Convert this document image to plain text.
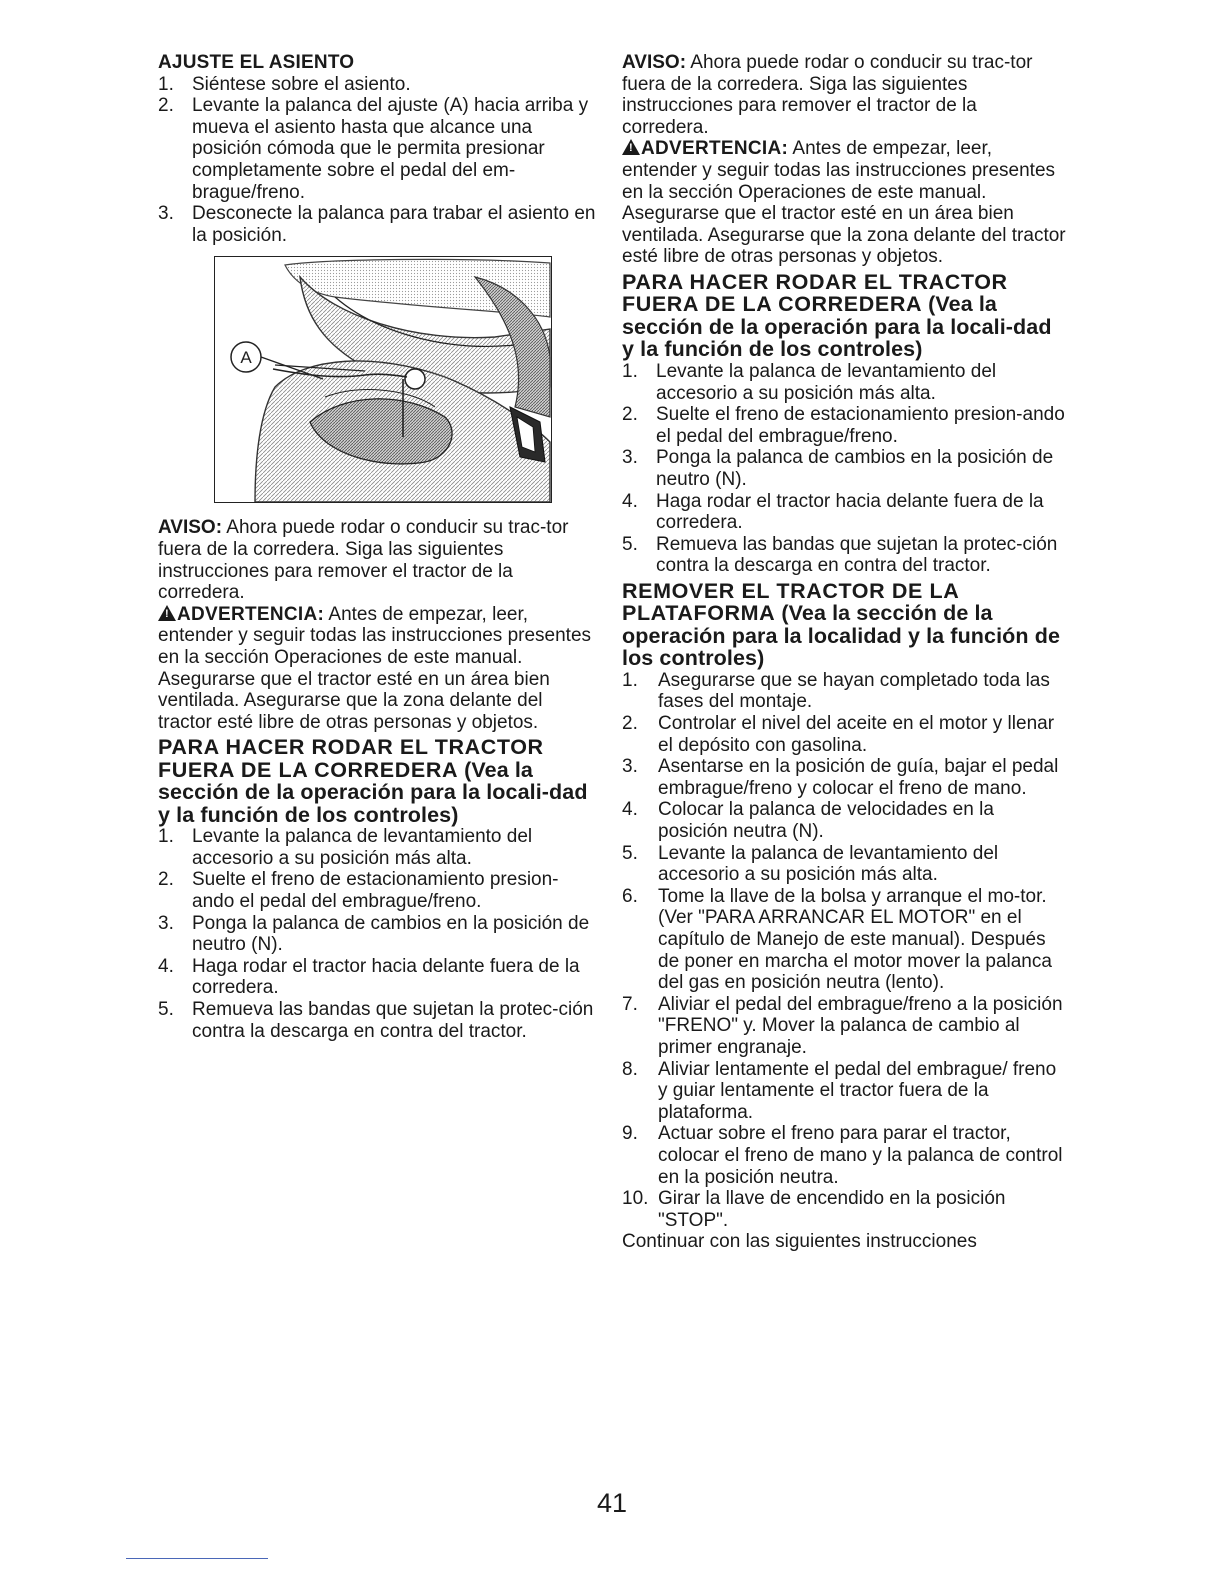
AJUSTE EL ASIENTO
1. Siéntese sobre el asiento.
2. Levante la palanca del ajuste (A) hacia arriba y mueva el asiento hasta que alcance una posición cómoda que le permita presionar completamente sobre el pedal del em-brague/freno.
3. Desconecte la palanca para trabar el asiento en la posición.
A

AVISO: Ahora puede rodar o conducir su trac-tor fuera de la corredera. Siga las siguientes instrucciones para remover el tractor de la corredera.

!ADVERTENCIA: Antes de empezar, leer, entender y seguir todas las instrucciones presentes en la sección Operaciones de este manual. Asegurarse que el tractor esté en un área bien ventilada. Asegurarse que la zona delante del tractor esté libre de otras personas y objetos.

PARA HACER RODAR EL TRACTOR FUERA DE LA CORREDERA (Vea la sección de la operación para la locali-dad y la función de los controles)
1. Levante la palanca de levantamiento del accesorio a su posición más alta.
2. Suelte el freno de estacionamiento presion-ando el pedal del embrague/freno.
3. Ponga la palanca de cambios en la posición de neutro (N).
4. Haga rodar el tractor hacia delante fuera de la corredera.
5. Remueva las bandas que sujetan la protec-ción contra la descarga en contra del tractor.

AVISO: Ahora puede rodar o conducir su trac-tor fuera de la corredera. Siga las siguientes instrucciones para remover el tractor de la corredera.

!ADVERTENCIA: Antes de empezar, leer, entender y seguir todas las instrucciones presentes en la sección Operaciones de este manual. Asegurarse que el tractor esté en un área bien ventilada. Asegurarse que la zona delante del tractor esté libre de otras personas y objetos.

PARA HACER RODAR EL TRACTOR FUERA DE LA CORREDERA (Vea la sección de la operación para la locali-dad y la función de los controles)
1. Levante la palanca de levantamiento del accesorio a su posición más alta.
2. Suelte el freno de estacionamiento presion-ando el pedal del embrague/freno.
3. Ponga la palanca de cambios en la posición de neutro (N).
4. Haga rodar el tractor hacia delante fuera de la corredera.
5. Remueva las bandas que sujetan la protec-ción contra la descarga en contra del tractor.
REMOVER EL TRACTOR DE LA PLATAFORMA (Vea la sección de la operación para la localidad y la función de los controles)
1.	Asegurarse que se hayan completado toda las fases del montaje.
2.	Controlar el nivel del aceite en el motor y llenar el depósito con gasolina.
3.	Asentarse en la posición de guía, bajar el pedal embrague/freno y colocar el freno de mano.
4.	Colocar la palanca de velocidades en la posición neutra (N).
5.	Levante la palanca de levantamiento del accesorio a su posición más alta.
6.	Tome la llave de la bolsa y arranque el mo-tor. (Ver "PARA ARRANCAR EL MOTOR" en el capítulo de Manejo de este manual). Después de poner en marcha el motor mover la palanca del gas en posición neutra (lento).
7.	Aliviar el pedal del embrague/freno a la posición "FRENO" y. Mover la palanca de cambio al primer engranaje.
8.	Aliviar lentamente el pedal del embrague/ freno y guiar lentamente el tractor fuera de la plataforma.
9.	Actuar sobre el freno para parar el tractor, colocar el freno de mano y la palanca de control en la posición neutra.
10. Girar la llave de encendido en la posición "STOP".

Continuar con las siguientes instrucciones

41
